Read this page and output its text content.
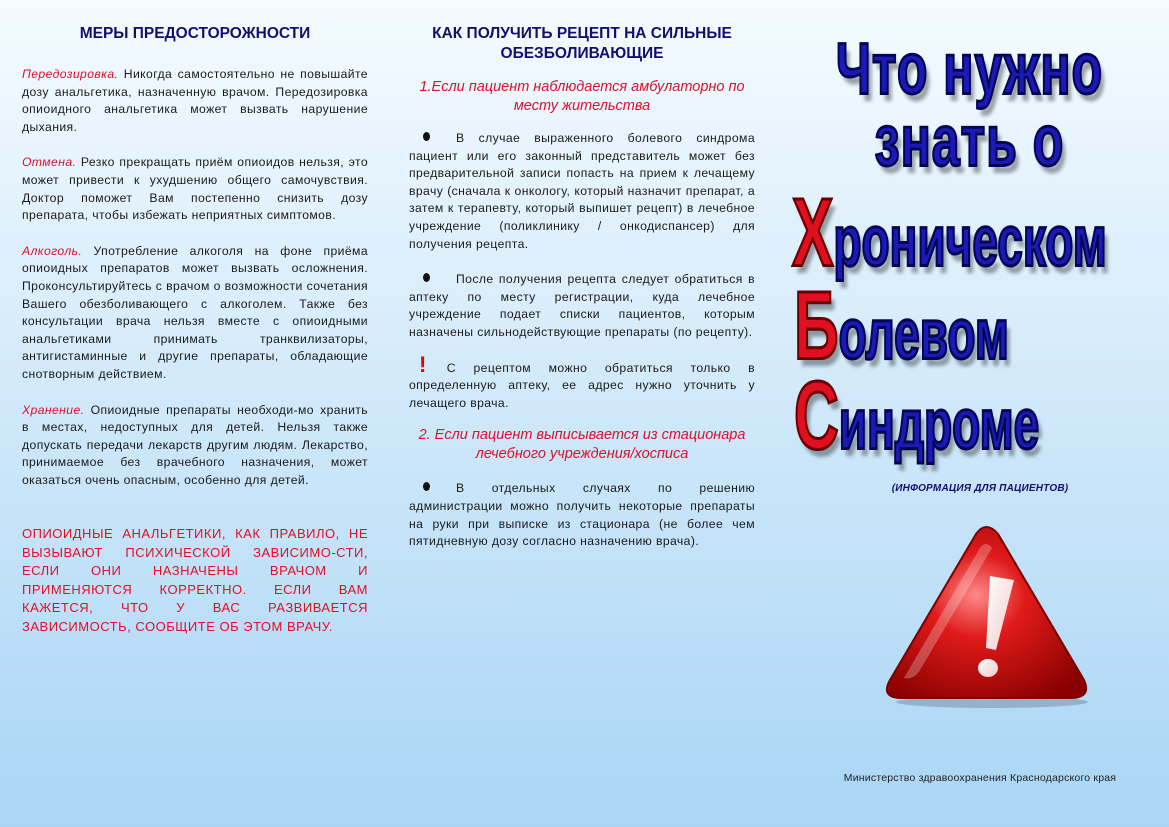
МЕРЫ ПРЕДОСТОРОЖНОСТИ

Передозировка. Никогда самостоятельно не повышайте дозу анальгетика, назначенную врачом. Передозировка опиоидного анальгетика может вызвать нарушение дыхания.

Отмена. Резко прекращать приём опиоидов нельзя, это может привести к ухудшению общего самочувствия. Доктор поможет Вам постепенно снизить дозу препарата, чтобы избежать неприятных симптомов.

Алкоголь. Употребление алкоголя на фоне приёма опиоидных препаратов может вызвать осложнения. Проконсультируйтесь с врачом о возможности сочетания Вашего обезболивающего с алкоголем. Также без консультации врача нельзя вместе с опиоидными анальгетиками принимать транквилизаторы, антигистаминные и другие препараты, обладающие снотворным действием.

Хранение. Опиоидные препараты необходи-мо хранить в местах, недоступных для детей. Нельзя также допускать передачи лекарств другим людям. Лекарство, принимаемое без врачебного назначения, может оказаться очень опасным, особенно для детей.

ОПИОИДНЫЕ АНАЛЬГЕТИКИ, КАК ПРАВИЛО, НЕ ВЫЗЫВАЮТ ПСИХИЧЕСКОЙ ЗАВИСИМО-СТИ, ЕСЛИ ОНИ НАЗНАЧЕНЫ ВРАЧОМ И ПРИМЕНЯЮТСЯ КОРРЕКТНО. ЕСЛИ ВАМ КАЖЕТСЯ, ЧТО У ВАС РАЗВИВАЕТСЯ ЗАВИСИМОСТЬ, СООБЩИТЕ ОБ ЭТОМ ВРАЧУ.

КАК ПОЛУЧИТЬ РЕЦЕПТ НА СИЛЬНЫЕ ОБЕЗБОЛИВАЮЩИЕ

1.Если пациент наблюдается амбулаторно по месту жительства

В случае выраженного болевого синдрома пациент или его законный представитель может без предварительной записи попасть на прием к лечащему врачу (сначала к онкологу, который назначит препарат, а затем к терапевту, который выпишет рецепт) в лечебное учреждение (поликлинику / онкодиспансер) для получения рецепта.

После получения рецепта следует обратиться в аптеку по месту регистрации, куда лечебное учреждение подает списки пациентов, которым назначены сильнодействующие препараты (по рецепту).

! С рецептом можно обратиться только в определенную аптеку, ее адрес нужно уточнить у лечащего врача.

2. Если пациент выписывается из стационара лечебного учреждения/хосписа

В отдельных случаях по решению администрации можно получить некоторые препараты на руки при выписке из стационара (не более чем пятидневную дозу согласно назначению врача).

Что нужно
знать о
Хроническом
Болевом
Синдроме
(ИНФОРМАЦИЯ ДЛЯ ПАЦИЕНТОВ)
Министерство здравоохранения Краснодарского края
